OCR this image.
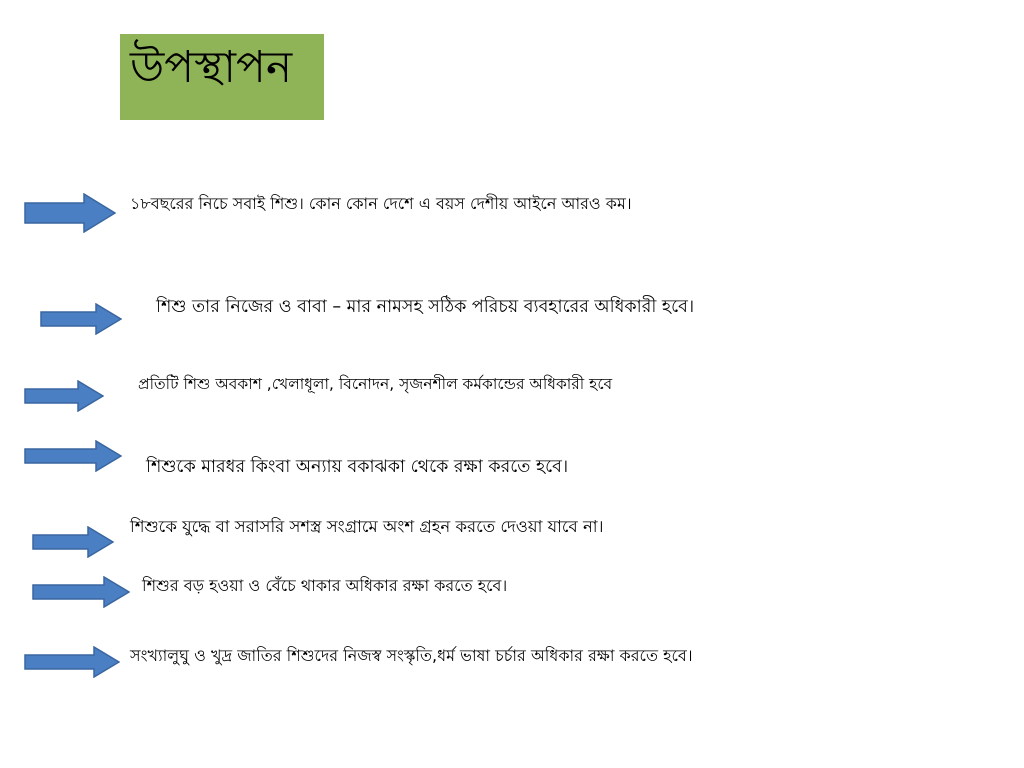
উপস্থাপন
১৮বছরের নিচে সবাই শিশু। কোন কোন দেশে এ বয়স দেশীয় আইনে আরও কম।
শিশু তার নিজের ও বাবা – মার নামসহ সঠিক পরিচয় ব্যবহারের অধিকারী হবে।
প্রতিটি শিশু অবকাশ ,খেলাধূলা, বিনোদন, সৃজনশীল কর্মকান্ডের অধিকারী হবে
শিশুকে মারধর কিংবা অন্যায় বকাঝকা থেকে রক্ষা করতে হবে।
শিশুকে যুদ্ধে বা সরাসরি সশস্ত্র সংগ্রামে অংশ গ্রহন করতে দেওয়া যাবে না।
শিশুর বড় হওয়া ও বেঁচে থাকার অধিকার রক্ষা করতে হবে।
সংখ্যালুঘু ও খুদ্র জাতির শিশুদের নিজস্ব সংস্কৃতি,ধর্ম ভাষা চর্চার অধিকার রক্ষা করতে হবে।
